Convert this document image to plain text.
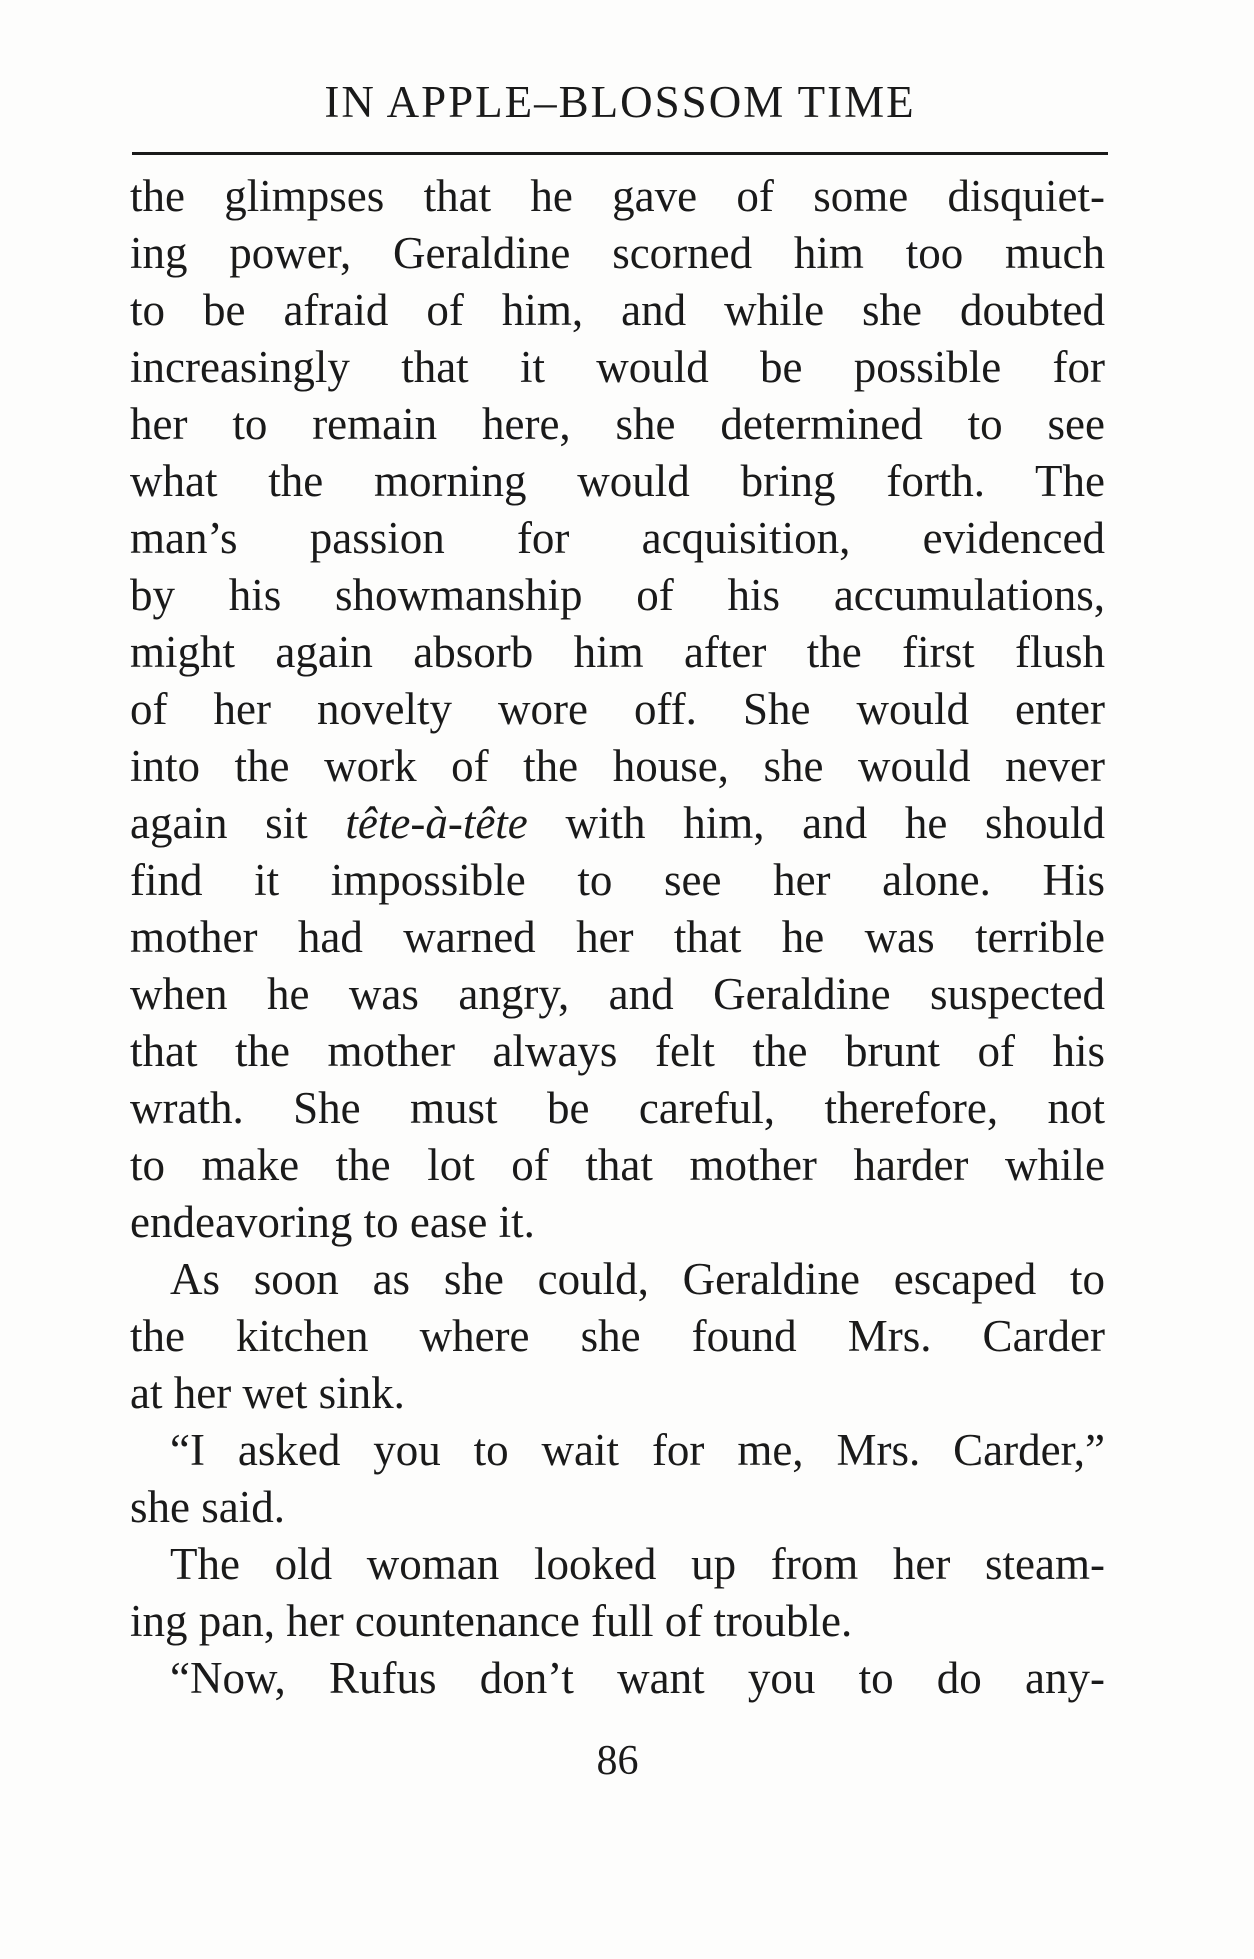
IN APPLE–BLOSSOM TIME
the glimpses that he gave of some disquiet-
ing power, Geraldine scorned him too much
to be afraid of him, and while she doubted
increasingly that it would be possible for
her to remain here, she determined to see
what the morning would bring forth. The
man’s passion for acquisition, evidenced
by his showmanship of his accumulations,
might again absorb him after the first flush
of her novelty wore off. She would enter
into the work of the house, she would never
again sit tête-à-tête with him, and he should
find it impossible to see her alone. His
mother had warned her that he was terrible
when he was angry, and Geraldine suspected
that the mother always felt the brunt of his
wrath. She must be careful, therefore, not
to make the lot of that mother harder while
endeavoring to ease it.
As soon as she could, Geraldine escaped to
the kitchen where she found Mrs. Carder
at her wet sink.
“I asked you to wait for me, Mrs. Carder,”
she said.
The old woman looked up from her steam-
ing pan, her countenance full of trouble.
“Now, Rufus don’t want you to do any-
86
